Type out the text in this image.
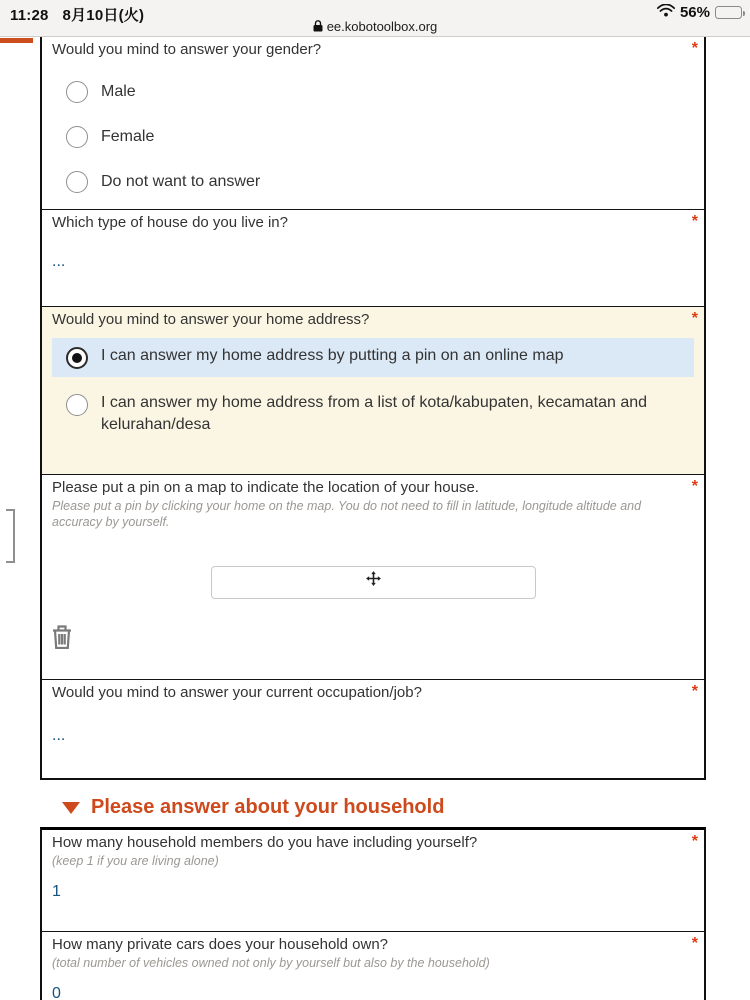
11:28 8月10日(火)	56%
ee.kobotoolbox.org
Would you mind to answer your gender?	*
Male
Female
Do not want to answer
Which type of house do you live in?	*
...
Would you mind to answer your home address?	*
I can answer my home address by putting a pin on an online map
I can answer my home address from a list of kota/kabupaten, kecamatan and kelurahan/desa
Please put a pin on a map to indicate the location of your house.	*
Please put a pin by clicking your home on the map. You do not need to fill in latitude, longitude altitude and accuracy by yourself.
Would you mind to answer your current occupation/job?	*
...
Please answer about your household
How many household members do you have including yourself?	*
(keep 1 if you are living alone)
1
How many private cars does your household own?	*
(total number of vehicles owned not only by yourself but also by the household)
0
